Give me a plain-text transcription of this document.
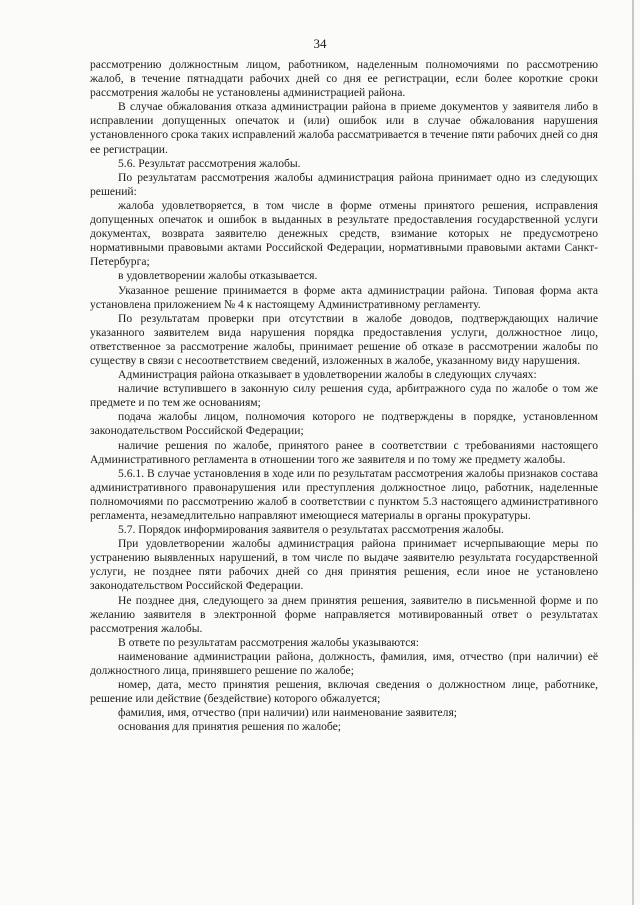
34

рассмотрению должностным лицом, работником, наделенным полномочиями по рассмотрению жалоб, в течение пятнадцати рабочих дней со дня ее регистрации, если более короткие сроки рассмотрения жалобы не установлены администрацией района.

В случае обжалования отказа администрации района в приеме документов у заявителя либо в исправлении допущенных опечаток и (или) ошибок или в случае обжалования нарушения установленного срока таких исправлений жалоба рассматривается в течение пяти рабочих дней со дня ее регистрации.

5.6. Результат рассмотрения жалобы.

По результатам рассмотрения жалобы администрация района принимает одно из следующих решений:

жалоба удовлетворяется, в том числе в форме отмены принятого решения, исправления допущенных опечаток и ошибок в выданных в результате предоставления государственной услуги документах, возврата заявителю денежных средств, взимание которых не предусмотрено нормативными правовыми актами Российской Федерации, нормативными правовыми актами Санкт-Петербурга;

в удовлетворении жалобы отказывается.

Указанное решение принимается в форме акта администрации района. Типовая форма акта установлена приложением № 4 к настоящему Административному регламенту.

По результатам проверки при отсутствии в жалобе доводов, подтверждающих наличие указанного заявителем вида нарушения порядка предоставления услуги, должностное лицо, ответственное за рассмотрение жалобы, принимает решение об отказе в рассмотрении жалобы по существу в связи с несоответствием сведений, изложенных в жалобе, указанному виду нарушения.

Администрация района отказывает в удовлетворении жалобы в следующих случаях:

наличие вступившего в законную силу решения суда, арбитражного суда по жалобе о том же предмете и по тем же основаниям;

подача жалобы лицом, полномочия которого не подтверждены в порядке, установленном законодательством Российской Федерации;

наличие решения по жалобе, принятого ранее в соответствии с требованиями настоящего Административного регламента в отношении того же заявителя и по тому же предмету жалобы.

5.6.1. В случае установления в ходе или по результатам рассмотрения жалобы признаков состава административного правонарушения или преступления должностное лицо, работник, наделенные полномочиями по рассмотрению жалоб в соответствии с пунктом 5.3 настоящего административного регламента, незамедлительно направляют имеющиеся материалы в органы прокуратуры.

5.7. Порядок информирования заявителя о результатах рассмотрения жалобы.

При удовлетворении жалобы администрация района принимает исчерпывающие меры по устранению выявленных нарушений, в том числе по выдаче заявителю результата государственной услуги, не позднее пяти рабочих дней со дня принятия решения, если иное не установлено законодательством Российской Федерации.

Не позднее дня, следующего за днем принятия решения, заявителю в письменной форме и по желанию заявителя в электронной форме направляется мотивированный ответ о результатах рассмотрения жалобы.

В ответе по результатам рассмотрения жалобы указываются:

наименование администрации района, должность, фамилия, имя, отчество (при наличии) её должностного лица, принявшего решение по жалобе;

номер, дата, место принятия решения, включая сведения о должностном лице, работнике, решение или действие (бездействие) которого обжалуется;

фамилия, имя, отчество (при наличии) или наименование заявителя;

основания для принятия решения по жалобе;
